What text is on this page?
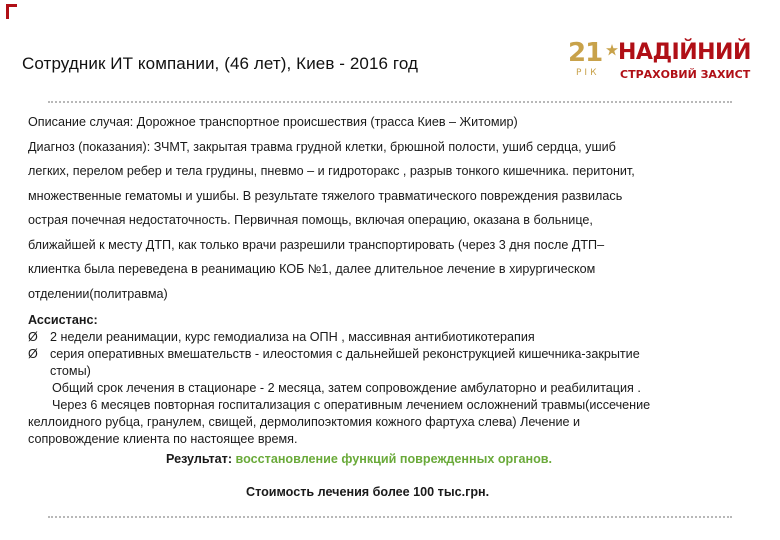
Сотрудник ИТ компании, (46 лет), Киев - 2016 год	21
РІК
НАДІЙНИЙ
СТРАХОВИЙ ЗАХИСТ
Описание случая: Дорожное транспортное происшествия (трасса Киев – Житомир)
Диагноз (показания): ЗЧМТ, закрытая травма грудной клетки, брюшной полости, ушиб сердца, ушиб
легких, перелом ребер и тела грудины, пневмо – и гидроторакс , разрыв тонкого кишечника. перитонит,
множественные гематомы и ушибы. В результате тяжелого травматического повреждения развилась
острая почечная недостаточность. Первичная помощь, включая операцию, оказана в больнице,
ближайшей к месту ДТП, как только врачи разрешили транспортировать (через 3 дня после ДТП–
клиентка была переведена в реанимацию КОБ №1, далее длительное лечение в хирургическом
отделении(политравма)
Ассистанс:
Ø 2 недели реанимации, курс гемодиализа на ОПН , массивная антибиотикотерапия
Ø серия оперативных вмешательств - илеостомия с дальнейшей реконструкцией кишечника-закрытие
стомы)
Общий срок лечения в стационаре - 2 месяца, затем сопровождение амбулаторно и реабилитация .
Через 6 месяцев повторная госпитализация с оперативным лечением осложнений травмы(иссечение
келлоидного рубца, гранулем, свищей, дермолипоэктомия кожного фартуха слева) Лечение и
сопровождение клиента по настоящее время.
Результат: восстановление функций поврежденных органов.
Стоимость лечения более 100 тыс.грн.
